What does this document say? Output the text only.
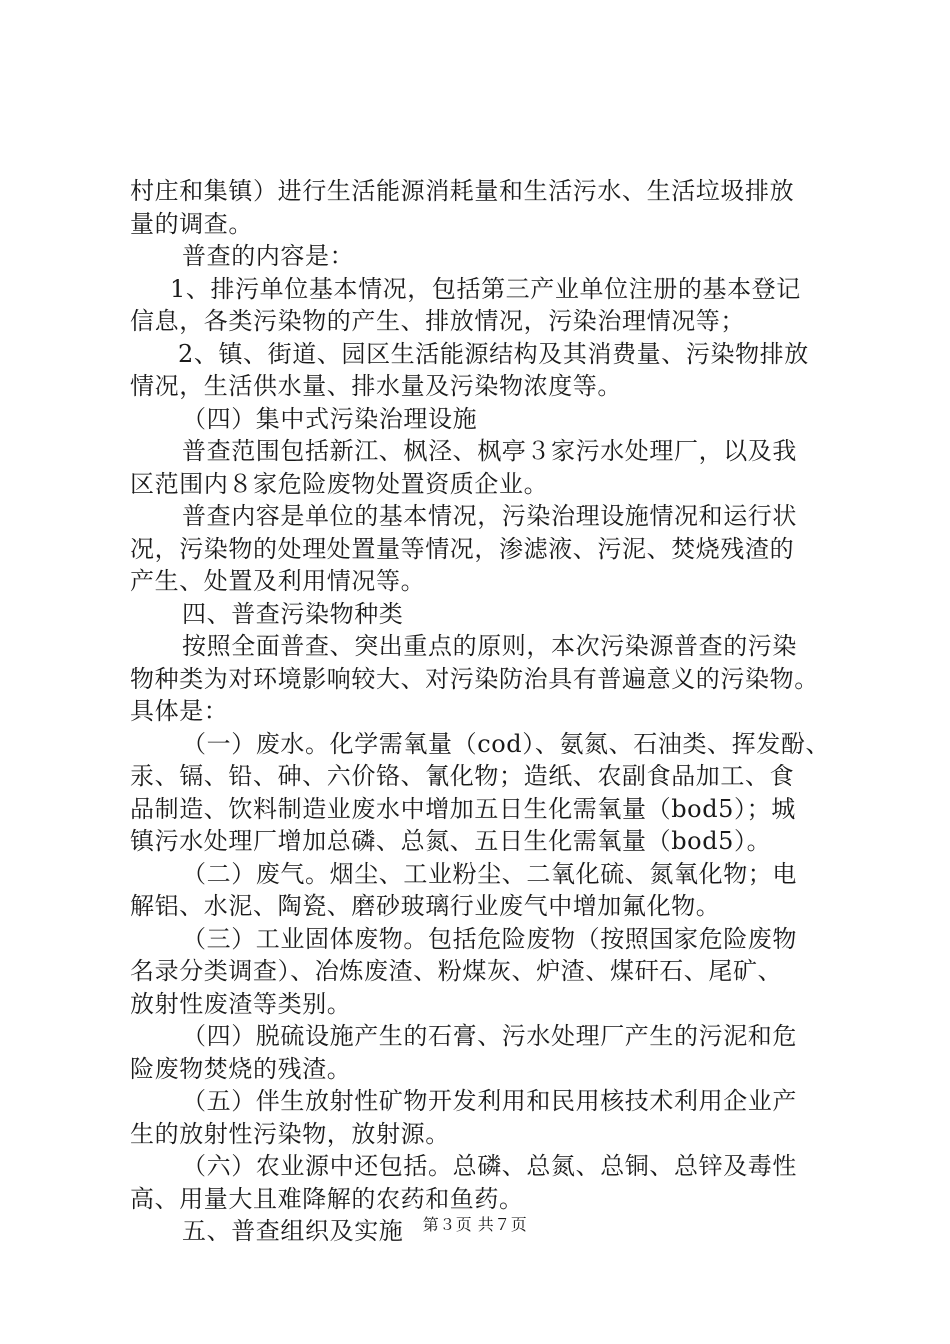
村庄和集镇）进行生活能源消耗量和生活污水、生活垃圾排放
量的调查。
普查的内容是：
1、排污单位基本情况，包括第三产业单位注册的基本登记
信息，各类污染物的产生、排放情况，污染治理情况等；
2、镇、街道、园区生活能源结构及其消费量、污染物排放
情况，生活供水量、排水量及污染物浓度等。
（四）集中式污染治理设施
普查范围包括新江、枫泾、枫亭３家污水处理厂，以及我
区范围内８家危险废物处置资质企业。
普查内容是单位的基本情况，污染治理设施情况和运行状
况，污染物的处理处置量等情况，渗滤液、污泥、焚烧残渣的
产生、处置及利用情况等。
四、普查污染物种类
按照全面普查、突出重点的原则，本次污染源普查的污染
物种类为对环境影响较大、对污染防治具有普遍意义的污染物。
具体是：
（一）废水。化学需氧量（cod）、氨氮、石油类、挥发酚、
汞、镉、铅、砷、六价铬、氰化物；造纸、农副食品加工、食
品制造、饮料制造业废水中增加五日生化需氧量（bod5）；城
镇污水处理厂增加总磷、总氮、五日生化需氧量（bod5）。
（二）废气。烟尘、工业粉尘、二氧化硫、氮氧化物；电
解铝、水泥、陶瓷、磨砂玻璃行业废气中增加氟化物。
（三）工业固体废物。包括危险废物（按照国家危险废物
名录分类调查）、冶炼废渣、粉煤灰、炉渣、煤矸石、尾矿、
放射性废渣等类别。
（四）脱硫设施产生的石膏、污水处理厂产生的污泥和危
险废物焚烧的残渣。
（五）伴生放射性矿物开发利用和民用核技术利用企业产
生的放射性污染物，放射源。
（六）农业源中还包括。总磷、总氮、总铜、总锌及毒性
高、用量大且难降解的农药和鱼药。
五、普查组织及实施	第３页 共７页
